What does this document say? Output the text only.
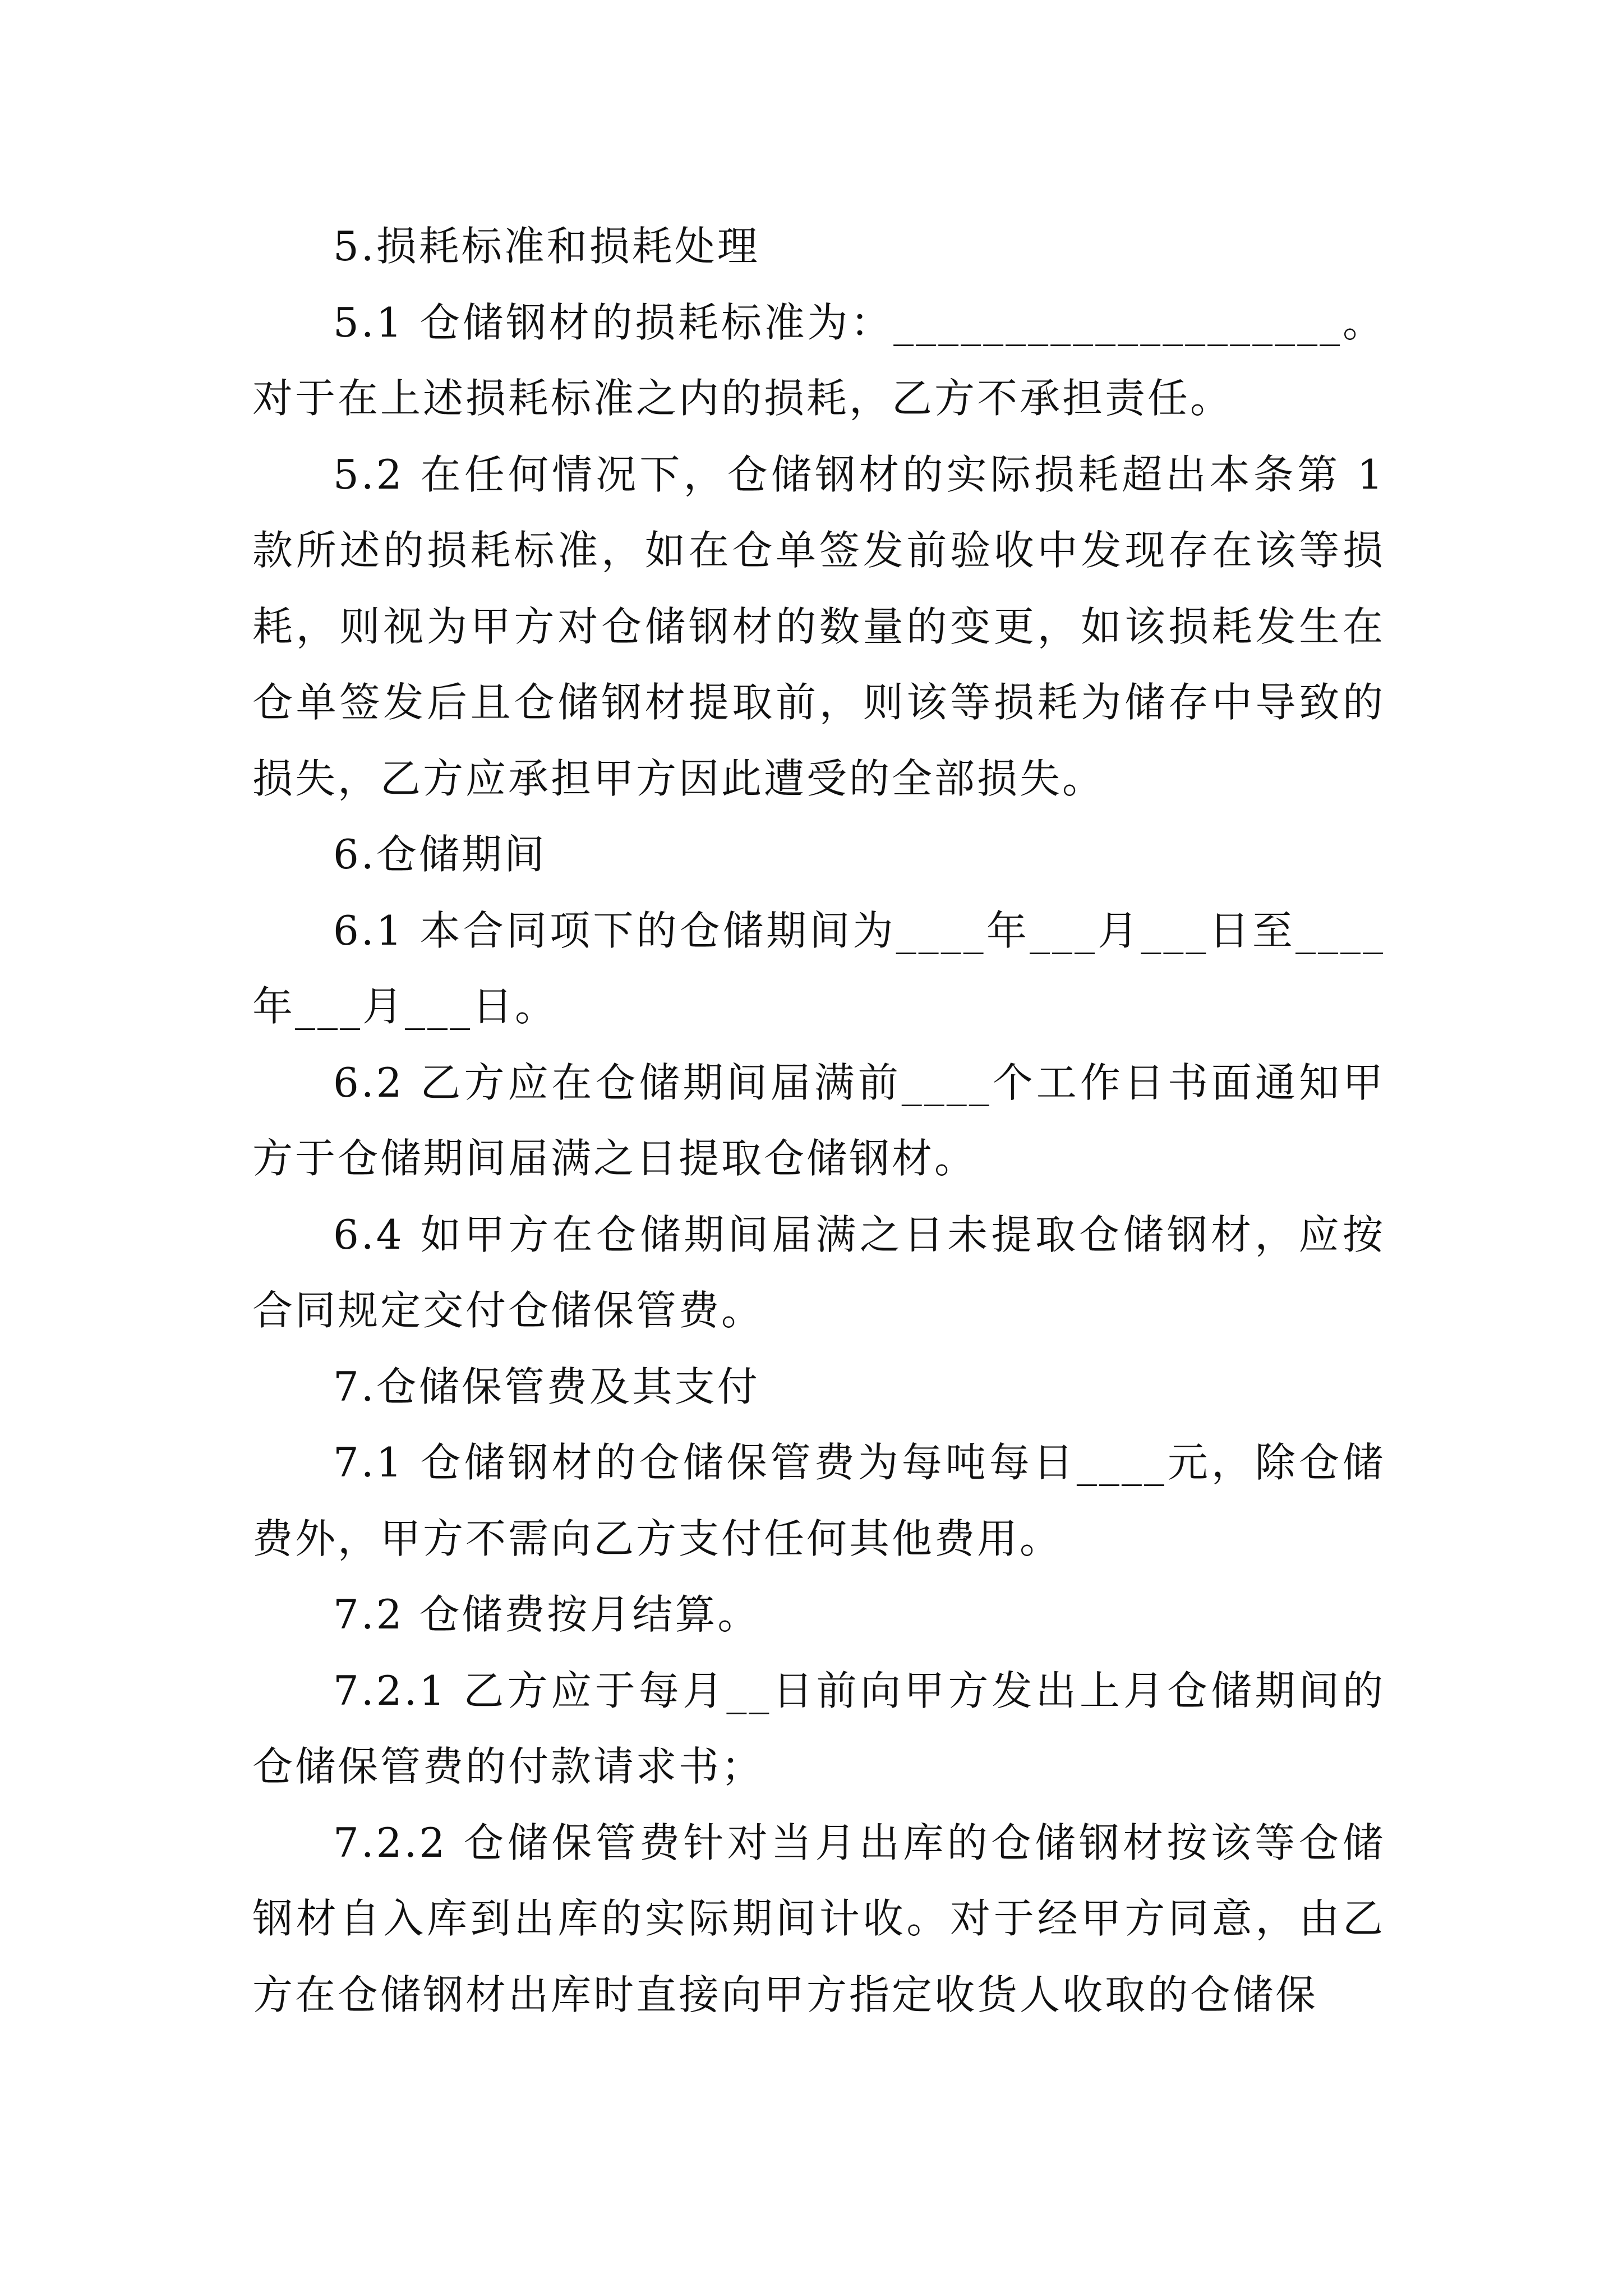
5.损耗标准和损耗处理

5.1 仓储钢材的损耗标准为：____________________。对于在上述损耗标准之内的损耗，乙方不承担责任。

5.2 在任何情况下，仓储钢材的实际损耗超出本条第 1 款所述的损耗标准，如在仓单签发前验收中发现存在该等损耗，则视为甲方对仓储钢材的数量的变更，如该损耗发生在仓单签发后且仓储钢材提取前，则该等损耗为储存中导致的损失，乙方应承担甲方因此遭受的全部损失。

6.仓储期间

6.1 本合同项下的仓储期间为____年___月___日至____年___月___日。

6.2 乙方应在仓储期间届满前____个工作日书面通知甲方于仓储期间届满之日提取仓储钢材。

6.4 如甲方在仓储期间届满之日未提取仓储钢材，应按合同规定交付仓储保管费。

7.仓储保管费及其支付

7.1 仓储钢材的仓储保管费为每吨每日____元，除仓储费外，甲方不需向乙方支付任何其他费用。

7.2 仓储费按月结算。

7.2.1 乙方应于每月__日前向甲方发出上月仓储期间的仓储保管费的付款请求书；

7.2.2 仓储保管费针对当月出库的仓储钢材按该等仓储钢材自入库到出库的实际期间计收。对于经甲方同意，由乙方在仓储钢材出库时直接向甲方指定收货人收取的仓储保
